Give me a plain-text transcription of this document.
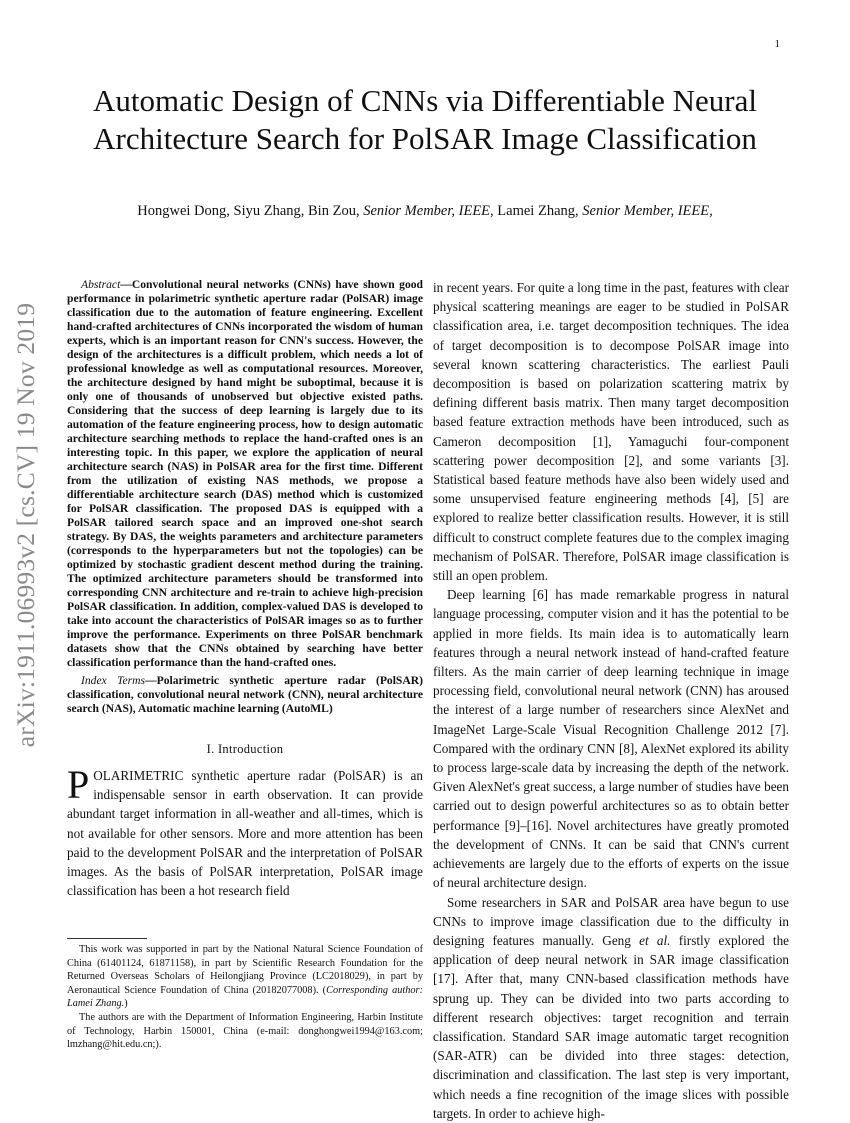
1
arXiv:1911.06993v2 [cs.CV] 19 Nov 2019
Automatic Design of CNNs via Differentiable Neural Architecture Search for PolSAR Image Classification
Hongwei Dong, Siyu Zhang, Bin Zou, Senior Member, IEEE, Lamei Zhang, Senior Member, IEEE,

Abstract—Convolutional neural networks (CNNs) have shown good performance in polarimetric synthetic aperture radar (PolSAR) image classification due to the automation of feature engineering. Excellent hand-crafted architectures of CNNs incorporated the wisdom of human experts, which is an important reason for CNN's success. However, the design of the architectures is a difficult problem, which needs a lot of professional knowledge as well as computational resources. Moreover, the architecture designed by hand might be suboptimal, because it is only one of thousands of unobserved but objective existed paths. Considering that the success of deep learning is largely due to its automation of the feature engineering process, how to design automatic architecture searching methods to replace the hand-crafted ones is an interesting topic. In this paper, we explore the application of neural architecture search (NAS) in PolSAR area for the first time. Different from the utilization of existing NAS methods, we propose a differentiable architecture search (DAS) method which is customized for PolSAR classification. The proposed DAS is equipped with a PolSAR tailored search space and an improved one-shot search strategy. By DAS, the weights parameters and architecture parameters (corresponds to the hyperparameters but not the topologies) can be optimized by stochastic gradient descent method during the training. The optimized architecture parameters should be transformed into corresponding CNN architecture and re-train to achieve high-precision PolSAR classification. In addition, complex-valued DAS is developed to take into account the characteristics of PolSAR images so as to further improve the performance. Experiments on three PolSAR benchmark datasets show that the CNNs obtained by searching have better classification performance than the hand-crafted ones.

Index Terms—Polarimetric synthetic aperture radar (PolSAR) classification, convolutional neural network (CNN), neural architecture search (NAS), Automatic machine learning (AutoML)

I. Introduction

POLARIMETRIC synthetic aperture radar (PolSAR) is an indispensable sensor in earth observation. It can provide abundant target information in all-weather and all-times, which is not available for other sensors. More and more attention has been paid to the development PolSAR and the interpretation of PolSAR images. As the basis of PolSAR interpretation, PolSAR image classification has been a hot research field

in recent years. For quite a long time in the past, features with clear physical scattering meanings are eager to be studied in PolSAR classification area, i.e. target decomposition techniques. The idea of target decomposition is to decompose PolSAR image into several known scattering characteristics. The earliest Pauli decomposition is based on polarization scattering matrix by defining different basis matrix. Then many target decomposition based feature extraction methods have been introduced, such as Cameron decomposition [1], Yamaguchi four-component scattering power decomposition [2], and some variants [3]. Statistical based feature methods have also been widely used and some unsupervised feature engineering methods [4], [5] are explored to realize better classification results. However, it is still difficult to construct complete features due to the complex imaging mechanism of PolSAR. Therefore, PolSAR image classification is still an open problem.

Deep learning [6] has made remarkable progress in natural language processing, computer vision and it has the potential to be applied in more fields. Its main idea is to automatically learn features through a neural network instead of hand-crafted feature filters. As the main carrier of deep learning technique in image processing field, convolutional neural network (CNN) has aroused the interest of a large number of researchers since AlexNet and ImageNet Large-Scale Visual Recognition Challenge 2012 [7]. Compared with the ordinary CNN [8], AlexNet explored its ability to process large-scale data by increasing the depth of the network. Given AlexNet's great success, a large number of studies have been carried out to design powerful architectures so as to obtain better performance [9]–[16]. Novel architectures have greatly promoted the development of CNNs. It can be said that CNN's current achievements are largely due to the efforts of experts on the issue of neural architecture design.

Some researchers in SAR and PolSAR area have begun to use CNNs to improve image classification due to the difficulty in designing features manually. Geng et al. firstly explored the application of deep neural network in SAR image classification [17]. After that, many CNN-based classification methods have sprung up. They can be divided into two parts according to different research objectives: target recognition and terrain classification. Standard SAR image automatic target recognition (SAR-ATR) can be divided into three stages: detection, discrimination and classification. The last step is very important, which needs a fine recognition of the image slices with possible targets. In order to achieve high-

This work was supported in part by the National Natural Science Foundation of China (61401124, 61871158), in part by Scientific Research Foundation for the Returned Overseas Scholars of Heilongjiang Province (LC2018029), in part by Aeronautical Science Foundation of China (20182077008). (Corresponding author: Lamei Zhang.)

The authors are with the Department of Information Engineering, Harbin Institute of Technology, Harbin 150001, China (e-mail: donghongwei1994@163.com; lmzhang@hit.edu.cn;).
